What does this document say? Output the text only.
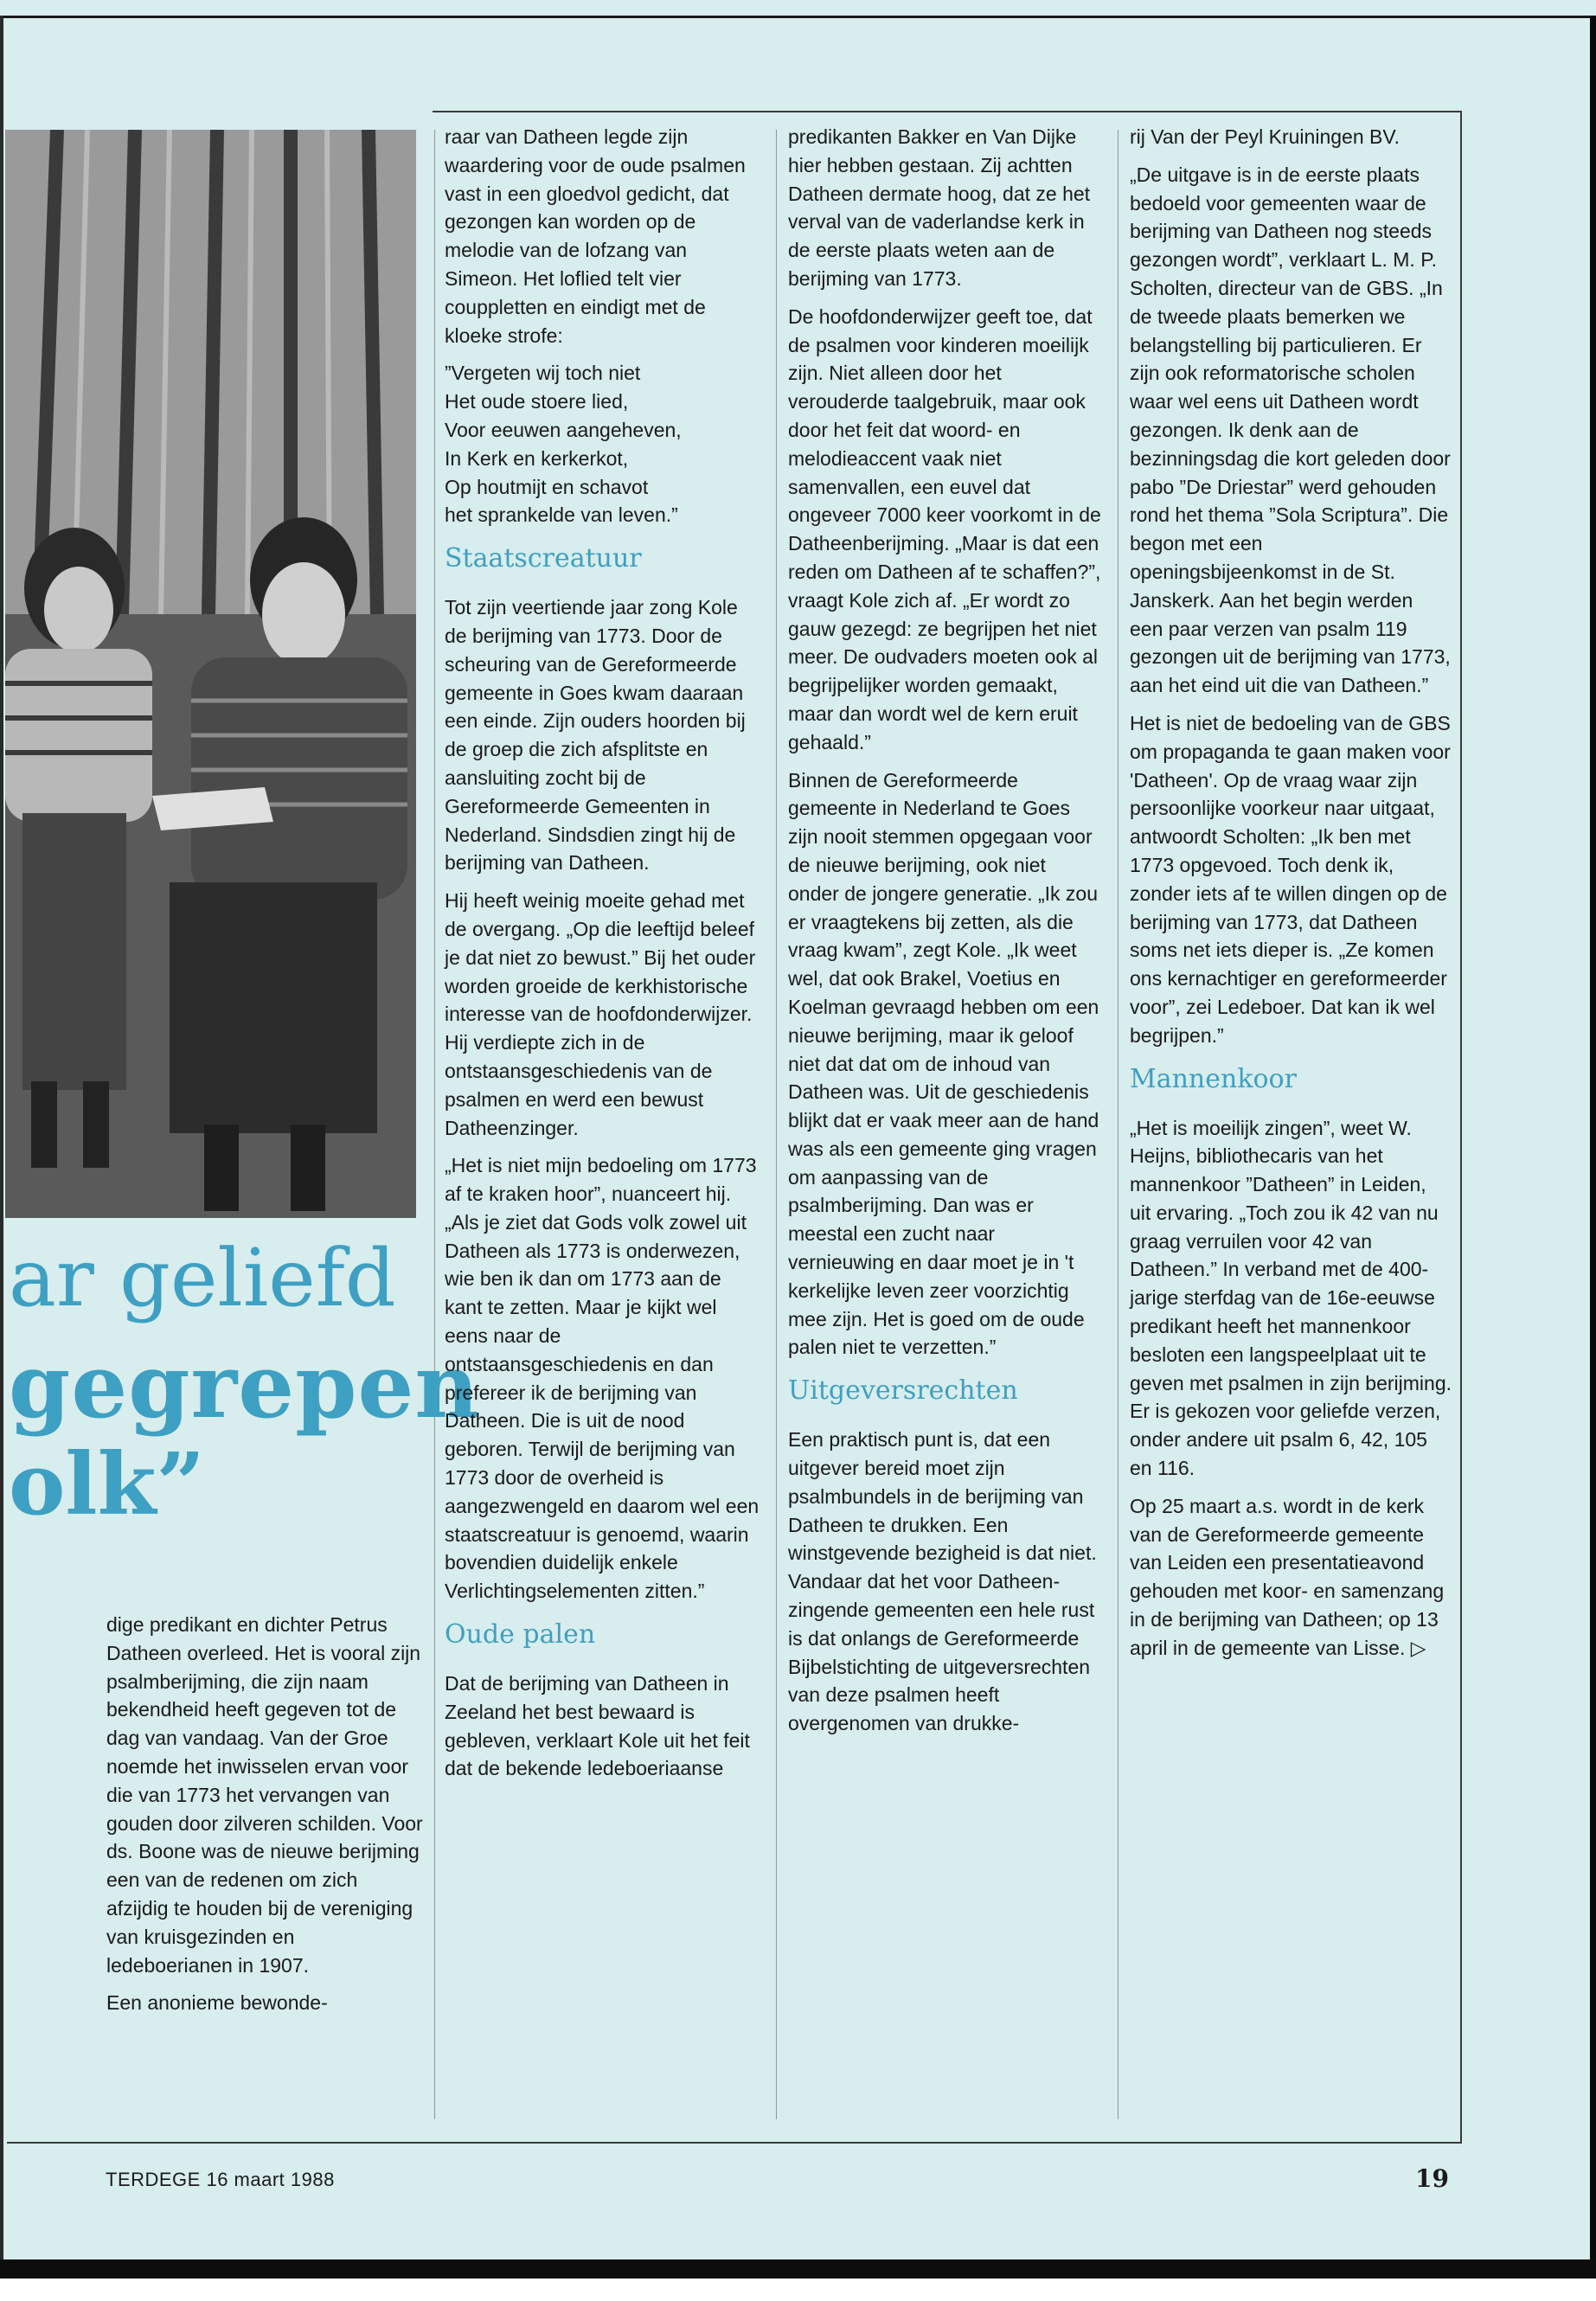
ar geliefd
gegrepen
olk”

dige predikant en dichter Petrus Datheen overleed. Het is vooral zijn psalmberijming, die zijn naam bekendheid heeft gegeven tot de dag van vandaag. Van der Groe noemde het inwisselen ervan voor die van 1773 het vervangen van gouden door zilveren schilden. Voor ds. Boone was de nieuwe berijming een van de redenen om zich afzijdig te houden bij de vereniging van kruisgezinden en ledeboerianen in 1907.

Een anonieme bewonde-

raar van Datheen legde zijn waardering voor de oude psalmen vast in een gloedvol gedicht, dat gezongen kan worden op de melodie van de lofzang van Simeon. Het loflied telt vier couppletten en eindigt met de kloeke strofe:

”Vergeten wij toch niet
Het oude stoere lied,
Voor eeuwen aangeheven,
In Kerk en kerkerkot,
Op houtmijt en schavot
het sprankelde van leven.”

Staatscreatuur

Tot zijn veertiende jaar zong Kole de berijming van 1773. Door de scheuring van de Gereformeerde gemeente in Goes kwam daaraan een einde. Zijn ouders hoorden bij de groep die zich afsplitste en aansluiting zocht bij de Gereformeerde Gemeenten in Nederland. Sindsdien zingt hij de berijming van Datheen.

Hij heeft weinig moeite gehad met de overgang. „Op die leeftijd beleef je dat niet zo bewust.” Bij het ouder worden groeide de kerkhistorische interesse van de hoofdonderwijzer. Hij verdiepte zich in de ontstaansgeschiedenis van de psalmen en werd een bewust Datheenzinger.

„Het is niet mijn bedoeling om 1773 af te kraken hoor”, nuanceert hij. „Als je ziet dat Gods volk zowel uit Datheen als 1773 is onderwezen, wie ben ik dan om 1773 aan de kant te zetten. Maar je kijkt wel eens naar de ontstaansgeschiedenis en dan prefereer ik de berijming van Datheen. Die is uit de nood geboren. Terwijl de berijming van 1773 door de overheid is aangezwengeld en daarom wel een staatscreatuur is genoemd, waarin bovendien duidelijk enkele Verlichtingselementen zitten.”

Oude palen

Dat de berijming van Datheen in Zeeland het best bewaard is gebleven, verklaart Kole uit het feit dat de bekende ledeboeriaanse

predikanten Bakker en Van Dijke hier hebben gestaan. Zij achtten Datheen dermate hoog, dat ze het verval van de vaderlandse kerk in de eerste plaats weten aan de berijming van 1773.

De hoofdonderwijzer geeft toe, dat de psalmen voor kinderen moeilijk zijn. Niet alleen door het verouderde taalgebruik, maar ook door het feit dat woord- en melodieaccent vaak niet samenvallen, een euvel dat ongeveer 7000 keer voorkomt in de Datheenberijming. „Maar is dat een reden om Datheen af te schaffen?”, vraagt Kole zich af. „Er wordt zo gauw gezegd: ze begrijpen het niet meer. De oudvaders moeten ook al begrijpelijker worden gemaakt, maar dan wordt wel de kern eruit gehaald.”

Binnen de Gereformeerde gemeente in Nederland te Goes zijn nooit stemmen opgegaan voor de nieuwe berijming, ook niet onder de jongere generatie. „Ik zou er vraagtekens bij zetten, als die vraag kwam”, zegt Kole. „Ik weet wel, dat ook Brakel, Voetius en Koelman gevraagd hebben om een nieuwe berijming, maar ik geloof niet dat dat om de inhoud van Datheen was. Uit de geschiedenis blijkt dat er vaak meer aan de hand was als een gemeente ging vragen om aanpassing van de psalmberijming. Dan was er meestal een zucht naar vernieuwing en daar moet je in 't kerkelijke leven zeer voorzichtig mee zijn. Het is goed om de oude palen niet te verzetten.”

Uitgeversrechten

Een praktisch punt is, dat een uitgever bereid moet zijn psalmbundels in de berijming van Datheen te drukken. Een winstgevende bezigheid is dat niet. Vandaar dat het voor Datheen-zingende gemeenten een hele rust is dat onlangs de Gereformeerde Bijbelstichting de uitgeversrechten van deze psalmen heeft overgenomen van drukke-

rij Van der Peyl Kruiningen BV.

„De uitgave is in de eerste plaats bedoeld voor gemeenten waar de berijming van Datheen nog steeds gezongen wordt”, verklaart L. M. P. Scholten, directeur van de GBS. „In de tweede plaats bemerken we belangstelling bij particulieren. Er zijn ook reformatorische scholen waar wel eens uit Datheen wordt gezongen. Ik denk aan de bezinningsdag die kort geleden door pabo ”De Driestar” werd gehouden rond het thema ”Sola Scriptura”. Die begon met een openingsbijeenkomst in de St. Janskerk. Aan het begin werden een paar verzen van psalm 119 gezongen uit de berijming van 1773, aan het eind uit die van Datheen.”

Het is niet de bedoeling van de GBS om propaganda te gaan maken voor 'Datheen'. Op de vraag waar zijn persoonlijke voorkeur naar uitgaat, antwoordt Scholten: „Ik ben met 1773 opgevoed. Toch denk ik, zonder iets af te willen dingen op de berijming van 1773, dat Datheen soms net iets dieper is. „Ze komen ons kernachtiger en gereformeerder voor”, zei Ledeboer. Dat kan ik wel begrijpen.”

Mannenkoor

„Het is moeilijk zingen”, weet W. Heijns, bibliothecaris van het mannenkoor ”Datheen” in Leiden, uit ervaring. „Toch zou ik 42 van nu graag verruilen voor 42 van Datheen.” In verband met de 400-jarige sterfdag van de 16e-eeuwse predikant heeft het mannenkoor besloten een langspeelplaat uit te geven met psalmen in zijn berijming. Er is gekozen voor geliefde verzen, onder andere uit psalm 6, 42, 105 en 116.

Op 25 maart a.s. wordt in de kerk van de Gereformeerde gemeente van Leiden een presentatieavond gehouden met koor- en samenzang in de berijming van Datheen; op 13 april in de gemeente van Lisse. ▷

TERDEGE 16 maart 1988	19
